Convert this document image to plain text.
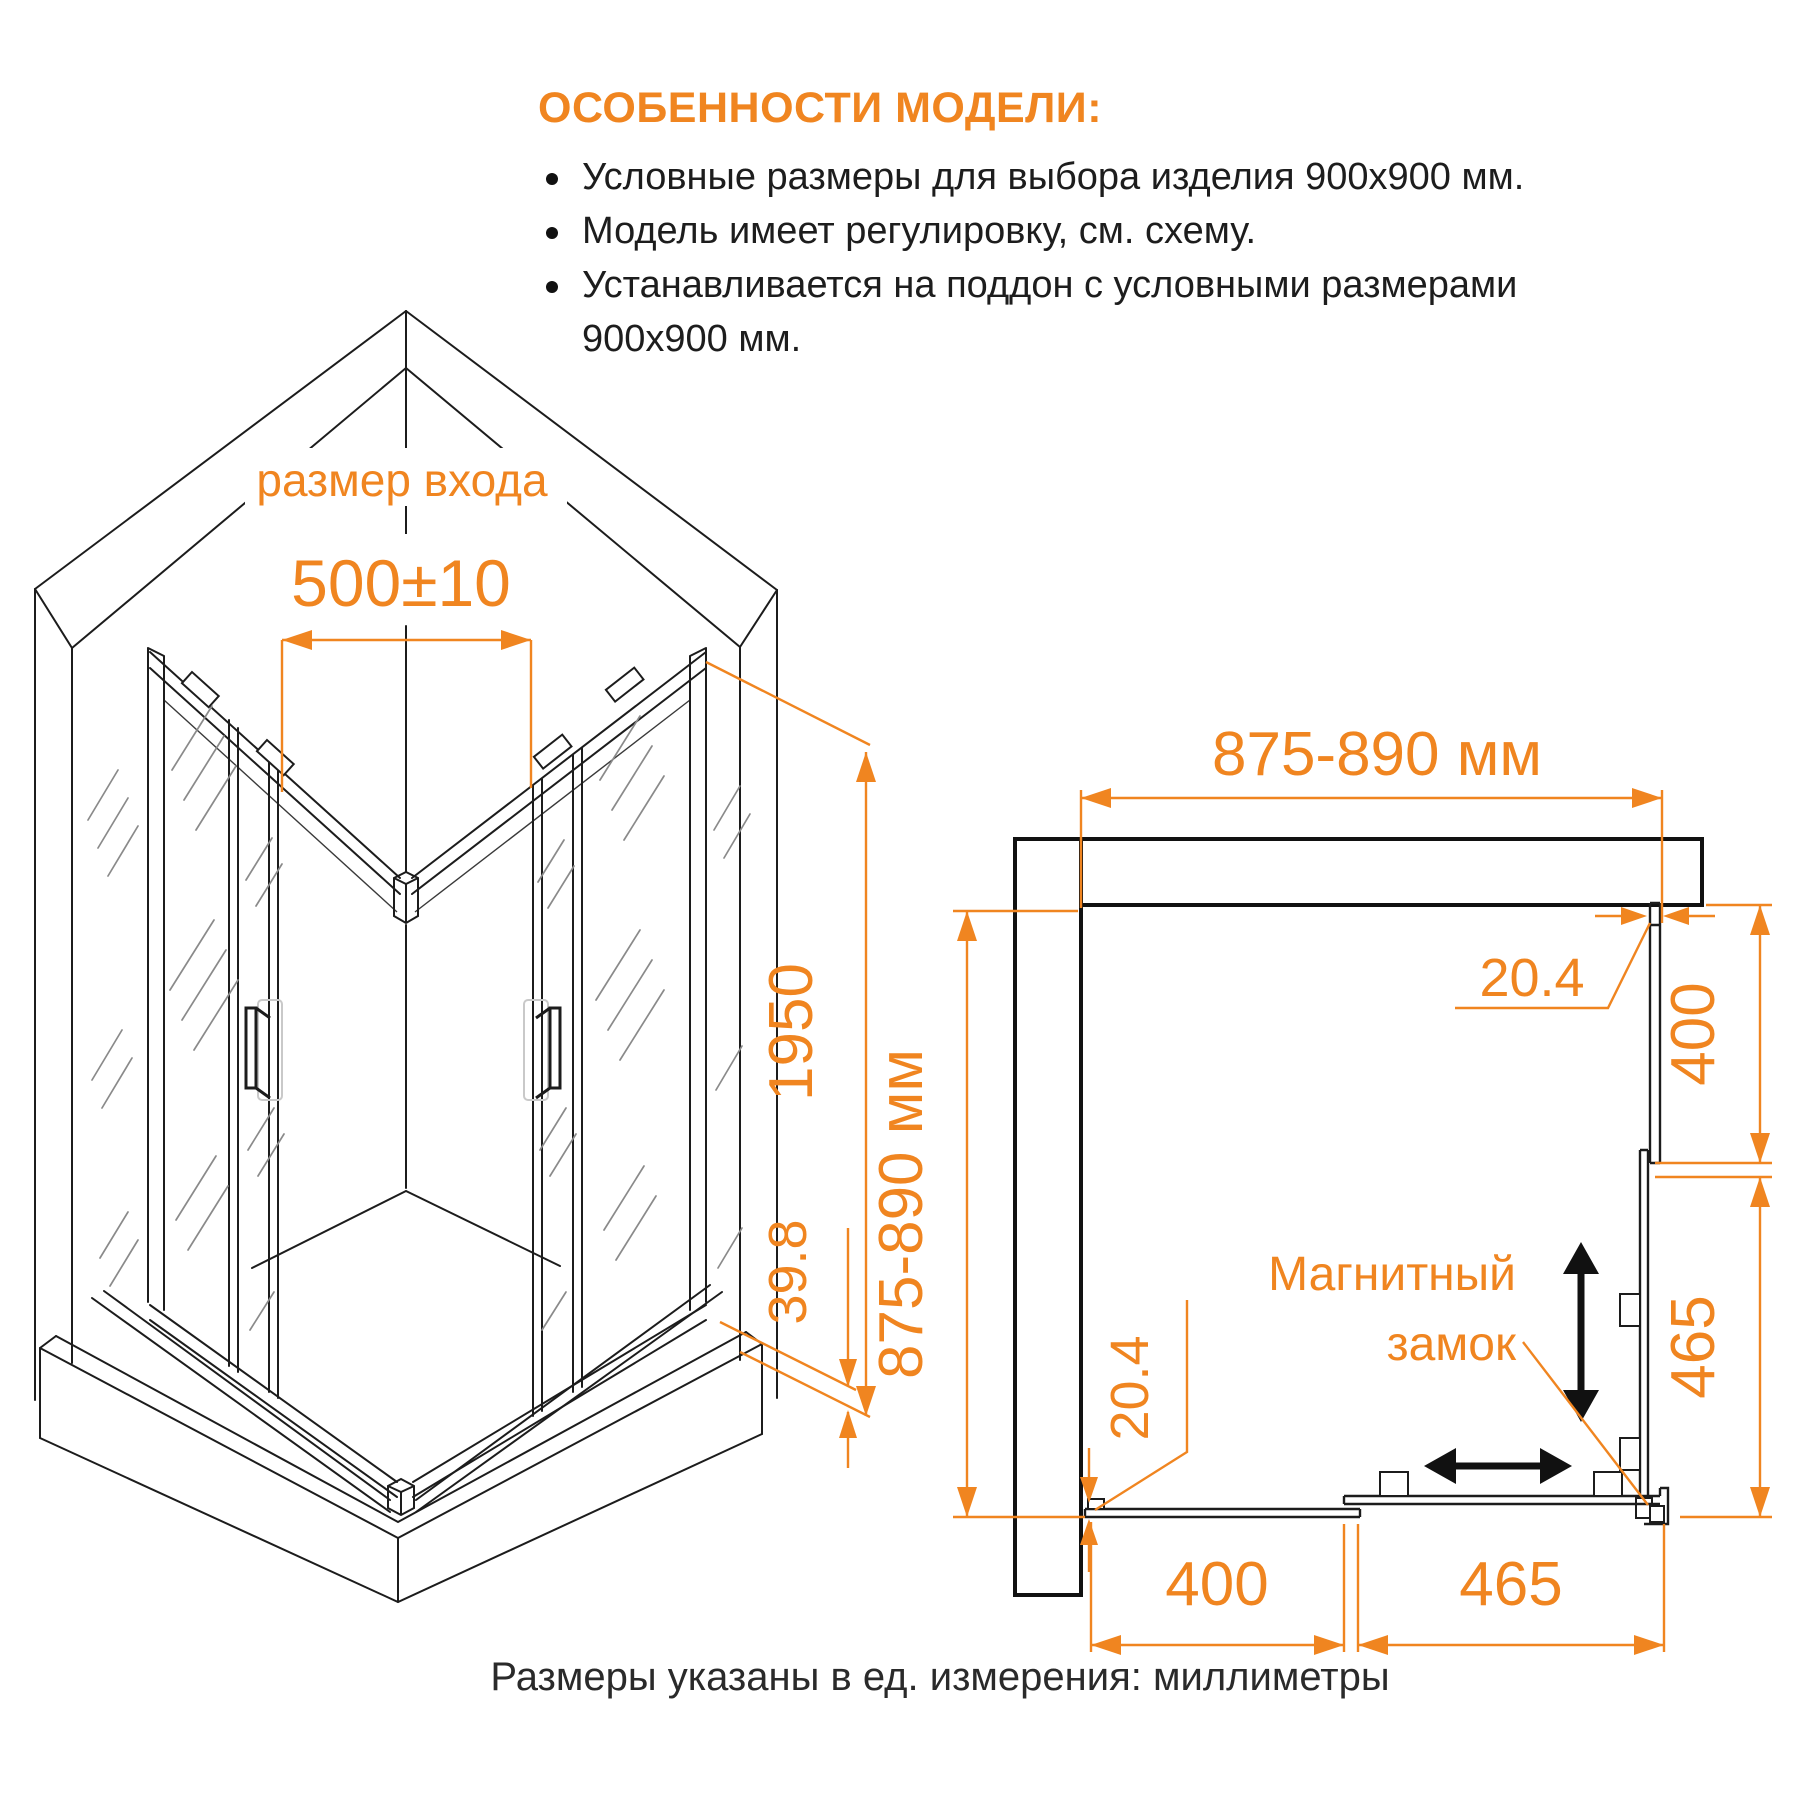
ОСОБЕННОСТИ МОДЕЛИ:
Условные размеры для выбора изделия 900х900 мм.
Модель имеет регулировку, см. схему.
Устанавливается на поддон с условными размерами 900х900 мм.
размер входа
500±10
1950
39.8
875-890 мм
875-890 мм
400
465
400	465
20.4
20.4
Магнитный
замок
Размеры указаны в ед. измерения: миллиметры
